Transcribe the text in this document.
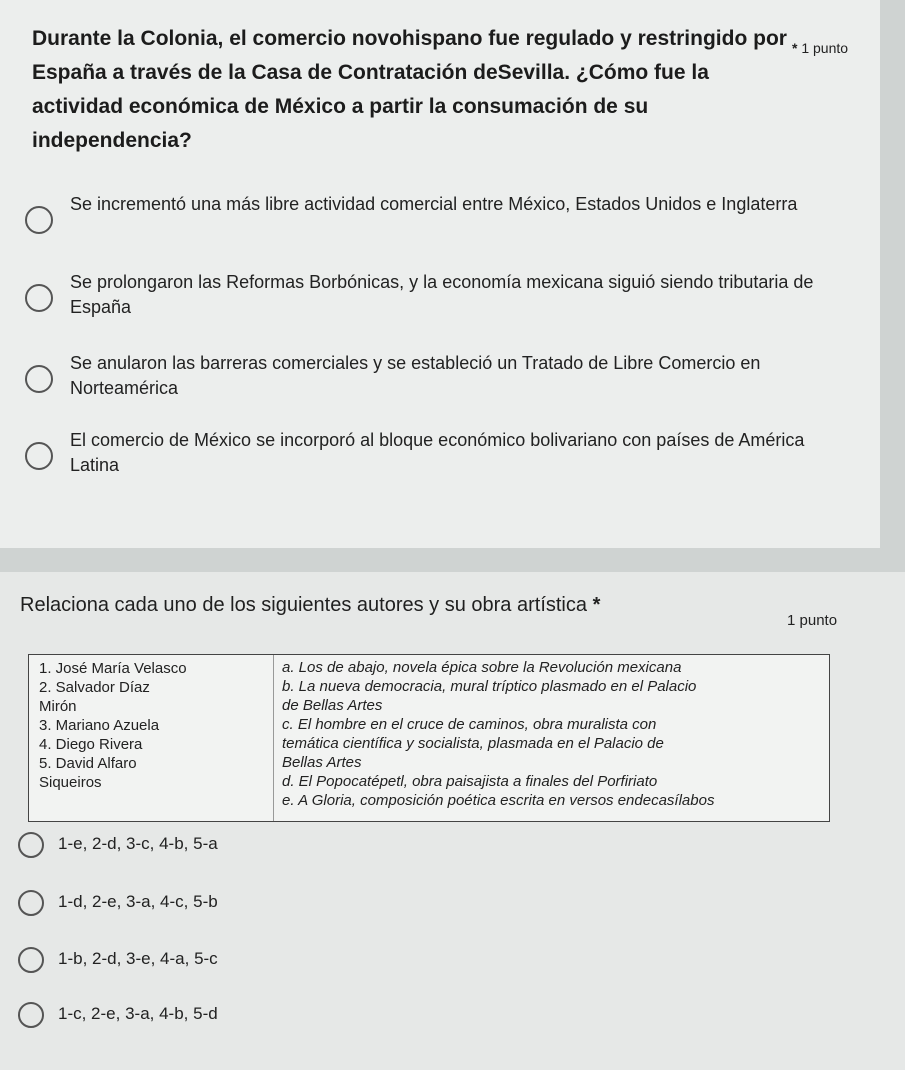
Durante la Colonia, el comercio novohispano fue regulado y restringido por España a través de la Casa de Contratación deSevilla. ¿Cómo fue la actividad económica de México a partir la consumación de su independencia?
* 1 punto
Se incrementó una más libre actividad comercial entre México, Estados Unidos e Inglaterra
Se prolongaron las Reformas Borbónicas, y la economía mexicana siguió siendo tributaria de España
Se anularon las barreras comerciales y se estableció un Tratado de Libre Comercio en Norteamérica
El comercio de México se incorporó al bloque económico bolivariano con países de América Latina
Relaciona cada uno de los siguientes autores y su obra artística *
1 punto
1. José María Velasco
2. Salvador Díaz
Mirón
3. Mariano Azuela
4. Diego Rivera
5. David Alfaro
Siqueiros
a. Los de abajo, novela épica sobre la Revolución mexicana
b. La nueva democracia, mural tríptico plasmado en el Palacio
de Bellas Artes
c. El hombre en el cruce de caminos, obra muralista con
temática científica y socialista, plasmada en el Palacio de
Bellas Artes
d. El Popocatépetl, obra paisajista a finales del Porfiriato
e. A Gloria, composición poética escrita en versos endecasílabos
1-e, 2-d, 3-c, 4-b, 5-a
1-d, 2-e, 3-a, 4-c, 5-b
1-b, 2-d, 3-e, 4-a, 5-c
1-c, 2-e, 3-a, 4-b, 5-d
